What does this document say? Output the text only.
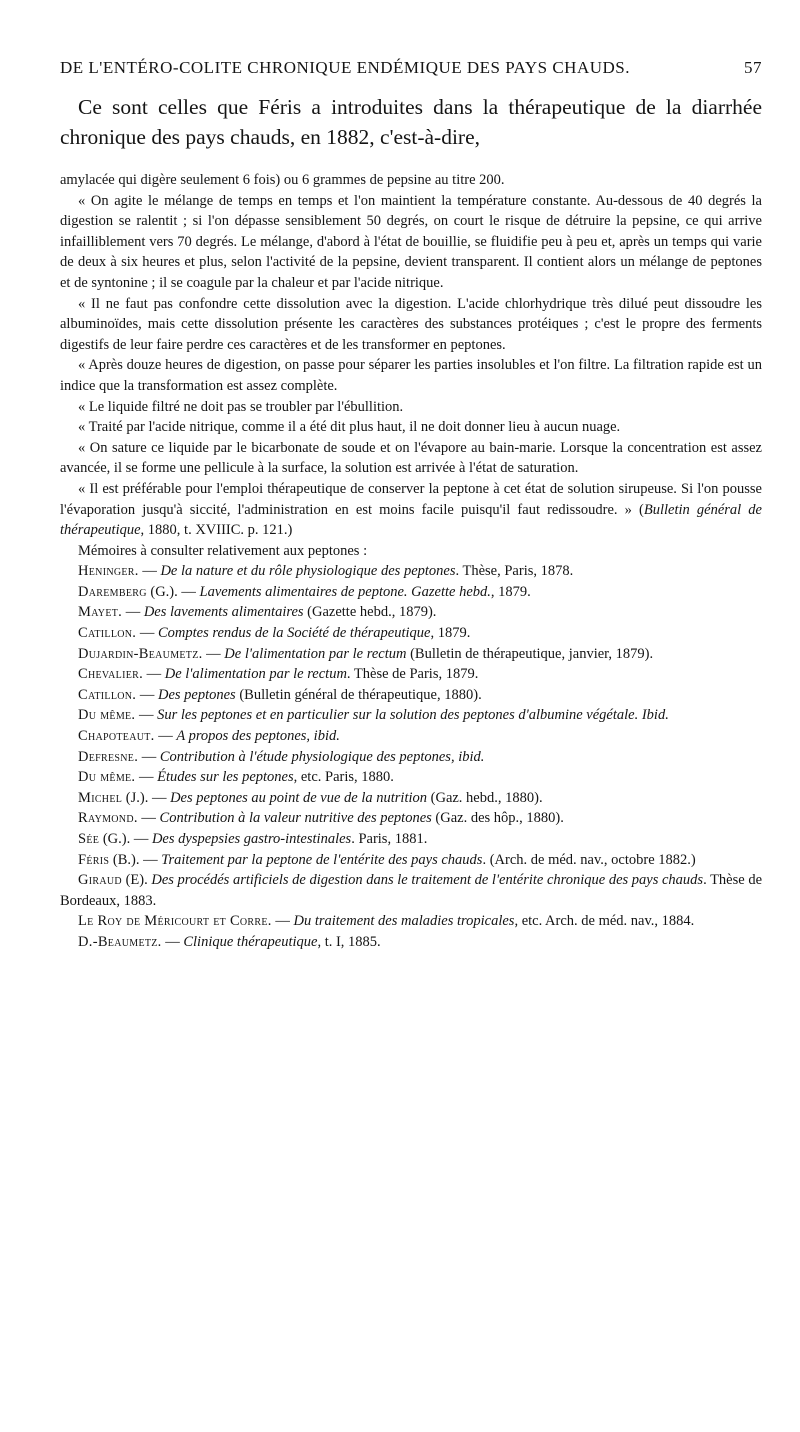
DE L'ENTÉRO-COLITE CHRONIQUE ENDÉMIQUE DES PAYS CHAUDS.	57

Ce sont celles que Féris a introduites dans la thérapeutique de la diarrhée chronique des pays chauds, en 1882, c'est-à-dire,

amylacée qui digère seulement 6 fois) ou 6 grammes de pepsine au titre 200.

« On agite le mélange de temps en temps et l'on maintient la température constante. Au-dessous de 40 degrés la digestion se ralentit ; si l'on dépasse sensiblement 50 degrés, on court le risque de détruire la pepsine, ce qui arrive infailliblement vers 70 degrés. Le mélange, d'abord à l'état de bouillie, se fluidifie peu à peu et, après un temps qui varie de deux à six heures et plus, selon l'activité de la pepsine, devient transparent. Il contient alors un mélange de peptones et de syntonine ; il se coagule par la chaleur et par l'acide nitrique.

« Il ne faut pas confondre cette dissolution avec la digestion. L'acide chlorhydrique très dilué peut dissoudre les albuminoïdes, mais cette dissolution présente les caractères des substances protéiques ; c'est le propre des ferments digestifs de leur faire perdre ces caractères et de les transformer en peptones.

« Après douze heures de digestion, on passe pour séparer les parties insolubles et l'on filtre. La filtration rapide est un indice que la transformation est assez complète.

« Le liquide filtré ne doit pas se troubler par l'ébullition.

« Traité par l'acide nitrique, comme il a été dit plus haut, il ne doit donner lieu à aucun nuage.

« On sature ce liquide par le bicarbonate de soude et on l'évapore au bain-marie. Lorsque la concentration est assez avancée, il se forme une pellicule à la surface, la solution est arrivée à l'état de saturation.

« Il est préférable pour l'emploi thérapeutique de conserver la peptone à cet état de solution sirupeuse. Si l'on pousse l'évaporation jusqu'à siccité, l'administration en est moins facile puisqu'il faut redissoudre. » (Bulletin général de thérapeutique, 1880, t. XVIIIC. p. 121.)

Mémoires à consulter relativement aux peptones :

Heninger. — De la nature et du rôle physiologique des peptones. Thèse, Paris, 1878.

Daremberg (G.). — Lavements alimentaires de peptone. Gazette hebd., 1879.

Mayet. — Des lavements alimentaires (Gazette hebd., 1879).

Catillon. — Comptes rendus de la Société de thérapeutique, 1879.

Dujardin-Beaumetz. — De l'alimentation par le rectum (Bulletin de thérapeutique, janvier, 1879).

Chevalier. — De l'alimentation par le rectum. Thèse de Paris, 1879.

Catillon. — Des peptones (Bulletin général de thérapeutique, 1880).

Du même. — Sur les peptones et en particulier sur la solution des peptones d'albumine végétale. Ibid.

Chapoteaut. — A propos des peptones, ibid.

Defresne. — Contribution à l'étude physiologique des peptones, ibid.

Du même. — Études sur les peptones, etc. Paris, 1880.

Michel (J.). — Des peptones au point de vue de la nutrition (Gaz. hebd., 1880).

Raymond. — Contribution à la valeur nutritive des peptones (Gaz. des hôp., 1880).

Sée (G.). — Des dyspepsies gastro-intestinales. Paris, 1881.

Féris (B.). — Traitement par la peptone de l'entérite des pays chauds. (Arch. de méd. nav., octobre 1882.)

Giraud (E). Des procédés artificiels de digestion dans le traitement de l'entérite chronique des pays chauds. Thèse de Bordeaux, 1883.

Le Roy de Méricourt et Corre. — Du traitement des maladies tropicales, etc. Arch. de méd. nav., 1884.

D.-Beaumetz. — Clinique thérapeutique, t. I, 1885.
